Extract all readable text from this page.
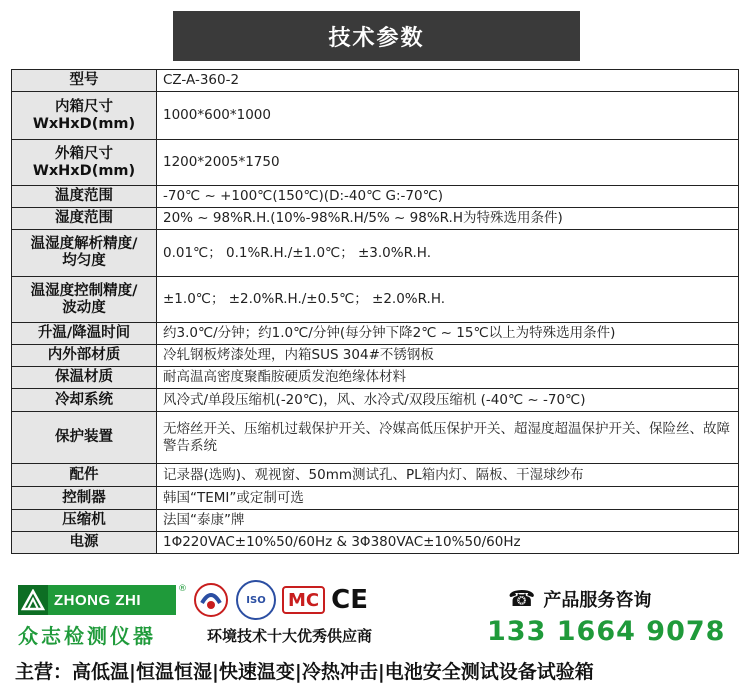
技术参数
型号	CZ-A-360-2
内箱尺寸
WxHxD(mm)	1000*600*1000
外箱尺寸
WxHxD(mm)	1200*2005*1750
温度范围	-70℃ ~ +100℃(150℃)(D:-40℃ G:-70℃)
湿度范围	20% ~ 98%R.H.(10%-98%R.H/5% ~ 98%R.H为特殊选用条件)
温湿度解析精度/
均匀度	0.01℃； 0.1%R.H./±1.0℃； ±3.0%R.H.
温湿度控制精度/
波动度	±1.0℃； ±2.0%R.H./±0.5℃； ±2.0%R.H.
升温/降温时间	约3.0℃/分钟；约1.0℃/分钟(每分钟下降2℃ ~ 15℃以上为特殊选用条件)
内外部材质	冷轧钢板烤漆处理，内箱SUS 304#不锈钢板
保温材质	耐高温高密度聚酯胺硬质发泡绝缘体材料
冷却系统	风冷式/单段压缩机(-20℃)，风、水冷式/双段压缩机 (-40℃ ~ -70℃)
保护装置	无熔丝开关、压缩机过载保护开关、冷媒高低压保护开关、超湿度超温保护开关、保险丝、故障警告系统
配件	记录器(选购)、观视窗、50mm测试孔、PL箱内灯、隔板、干湿球纱布
控制器	韩国“TEMI”或定制可选
压缩机	法国“泰康”牌
电源	1Φ220VAC±10%50/60Hz & 3Φ380VAC±10%50/60Hz
ZHONG ZHI
®
众志检测仪器
ISO	MC CE
环境技术十大优秀供应商
☎ 产品服务咨询
133 1664 9078
主营：高低温|恒温恒湿|快速温变|冷热冲击|电池安全测试设备试验箱
